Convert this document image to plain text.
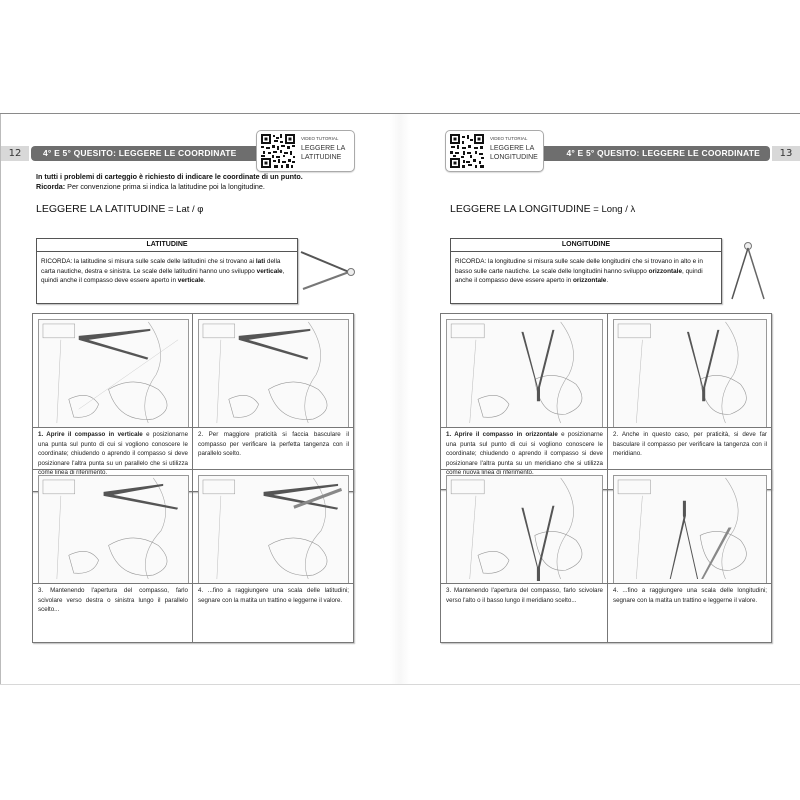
12	4° E 5° QUESITO: LEGGERE LE COORDINATE
VIDEO TUTORIAL
LEGGERE LA
LATITUDINE
In tutti i problemi di carteggio è richiesto di indicare le coordinate di un punto.
Ricorda: Per convenzione prima si indica la latitudine poi la longitudine.
LEGGERE LA LATITUDINE = Lat / φ
LATITUDINE
RICORDA: la latitudine si misura sulle scale delle latitudini che si trovano ai lati della carta nautiche, destra e sinistra. Le scale delle latitudini hanno uno sviluppo verticale, quindi anche il compasso deve essere aperto in verticale.
1. Aprire il compasso in verticale e posizionarne una punta sul punto di cui si vogliono conoscere le coordinate; chiudendo o aprendo il compasso si deve posizionare l'altra punta su un parallelo che si utilizza come linea di riferimento.
2. Per maggiore praticità si faccia basculare il compasso per verificare la perfetta tangenza con il parallelo scelto.
3. Mantenendo l'apertura del compasso, farlo scivolare verso destra o sinistra lungo il parallelo scelto...
4. ...fino a raggiungere una scala delle latitudini; segnare con la matita un trattino e leggerne il valore.
13
4° E 5° QUESITO: LEGGERE LE COORDINATE
VIDEO TUTORIAL
LEGGERE LA
LONGITUDINE
LEGGERE LA LONGITUDINE = Long / λ
LONGITUDINE
RICORDA: la longitudine si misura sulle scale delle longitudini che si trovano in alto e in basso sulle carte nautiche. Le scale delle longitudini hanno sviluppo orizzontale, quindi anche il compasso deve essere aperto in orizzontale.
1. Aprire il compasso in orizzontale e posizionarne una punta sul punto di cui si vogliono conoscere le coordinate; chiudendo o aprendo il compasso si deve posizionare l'altra punta su un meridiano che si utilizza come nuova linea di riferimento.
2. Anche in questo caso, per praticità, si deve far basculare il compasso per verificare la tangenza con il meridiano.
3. Mantenendo l'apertura del compasso, farlo scivolare verso l'alto o il basso lungo il meridiano scelto...
4. ...fino a raggiungere una scala delle longitudini; segnare con la matita un trattino e leggerne il valore.
